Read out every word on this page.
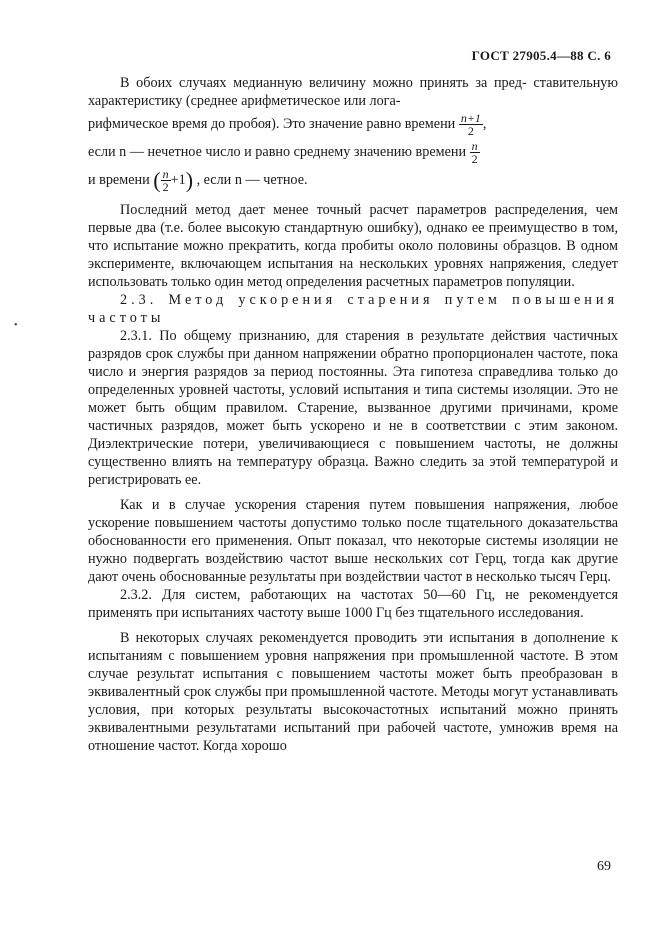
ГОСТ 27905.4—88 С. 6
•

В обоих случаях медианную величину можно принять за пред- ставительную характеристику (среднее арифметическое или лога-

рифмическое время до пробоя). Это значение равно времени $\frac{n+1}{2}$ ,
если n — нечетное число и равно среднему значению времени $\frac{n}{2}$
и времени ( $\frac{n}{2} +1$) , если n — четное.

Последний метод дает менее точный расчет параметров распределения, чем первые два (т.е. более высокую стандартную ошибку), однако ее преимущество в том, что испытание можно прекратить, когда пробиты около половины образцов. В одном эксперименте, включающем испытания на нескольких уровнях напряжения, следует использовать только один метод определения расчетных параметров популяции.

2.3. Метод ускорения старения путем повышения частоты

2.3.1. По общему признанию, для старения в результате действия частичных разрядов срок службы при данном напряжении обратно пропорционален частоте, пока число и энергия разрядов за период постоянны. Эта гипотеза справедлива только до определенных уровней частоты, условий испытания и типа системы изоляции. Это не может быть общим правилом. Старение, вызванное другими причинами, кроме частичных разрядов, может быть ускорено и не в соответствии с этим законом. Диэлектрические потери, увеличивающиеся с повышением частоты, не должны существенно влиять на температуру образца. Важно следить за этой температурой и регистрировать ее.

Как и в случае ускорения старения путем повышения напряжения, любое ускорение повышением частоты допустимо только после тщательного доказательства обоснованности его применения. Опыт показал, что некоторые системы изоляции не нужно подвергать воздействию частот выше нескольких сот Герц, тогда как другие дают очень обоснованные результаты при воздействии частот в несколько тысяч Герц.

2.3.2. Для систем, работающих на частотах 50—60 Гц, не рекомендуется применять при испытаниях частоту выше 1000 Гц без тщательного исследования.

В некоторых случаях рекомендуется проводить эти испытания в дополнение к испытаниям с повышением уровня напряжения при промышленной частоте. В этом случае результат испытания с повышением частоты может быть преобразован в эквивалентный срок службы при промышленной частоте. Методы могут устанавливать условия, при которых результаты высокочастотных испытаний можно принять эквивалентными результатами испытаний при рабочей частоте, умножив время на отношение частот. Когда хорошо

69
